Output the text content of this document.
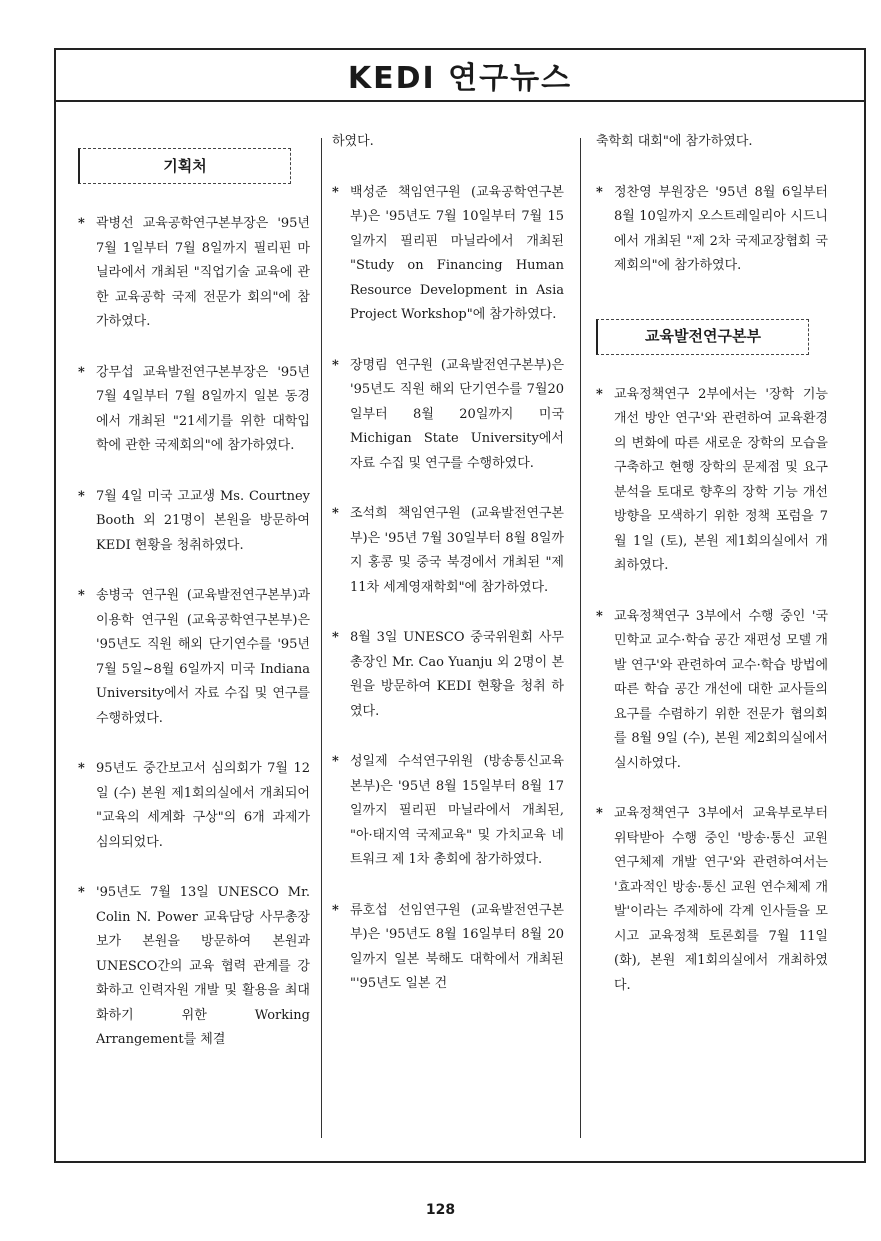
KEDI 연구뉴스
기획처

* 곽병선 교육공학연구본부장은 '95년 7월 1일부터 7월 8일까지 필리핀 마닐라에서 개최된 "직업기술 교육에 관한 교육공학 국제 전문가 회의"에 참가하였다.

* 강무섭 교육발전연구본부장은 '95년 7월 4일부터 7월 8일까지 일본 동경에서 개최된 "21세기를 위한 대학입학에 관한 국제회의"에 참가하였다.

* 7월 4일 미국 고교생 Ms. Courtney Booth 외 21명이 본원을 방문하여 KEDI 현황을 청취하였다.

* 송병국 연구원 (교육발전연구본부)과 이용학 연구원 (교육공학연구본부)은 '95년도 직원 해외 단기연수를 '95년 7월 5일~8월 6일까지 미국 Indiana University에서 자료 수집 및 연구를 수행하였다.

* 95년도 중간보고서 심의회가 7월 12일 (수) 본원 제1회의실에서 개최되어 "교육의 세계화 구상"의 6개 과제가 심의되었다.

* '95년도 7월 13일 UNESCO Mr. Colin N. Power 교육담당 사무총장보가 본원을 방문하여 본원과 UNESCO간의 교육 협력 관계를 강화하고 인력자원 개발 및 활용을 최대화하기 위한 Working Arrangement를 체결

하였다.

* 백성준 책임연구원 (교육공학연구본부)은 '95년도 7월 10일부터 7월 15일까지 필리핀 마닐라에서 개최된 "Study on Financing Human Resource Development in Asia Project Workshop"에 참가하였다.

* 장명림 연구원 (교육발전연구본부)은 '95년도 직원 해외 단기연수를 7월20일부터 8월 20일까지 미국 Michigan State University에서 자료 수집 및 연구를 수행하였다.

* 조석희 책임연구원 (교육발전연구본부)은 '95년 7월 30일부터 8월 8일까지 홍콩 및 중국 북경에서 개최된 "제 11차 세계영재학회"에 참가하였다.

* 8월 3일 UNESCO 중국위원회 사무총장인 Mr. Cao Yuanju 외 2명이 본원을 방문하여 KEDI 현황을 청취 하였다.

* 성일제 수석연구위원 (방송통신교육본부)은 '95년 8월 15일부터 8월 17일까지 필리핀 마닐라에서 개최된, "아·태지역 국제교육" 및 가치교육 네트워크 제 1차 총회에 참가하였다.

* 류호섭 선임연구원 (교육발전연구본부)은 '95년도 8월 16일부터 8월 20일까지 일본 북해도 대학에서 개최된 "'95년도 일본 건

축학회 대회"에 참가하였다.

* 정찬영 부원장은 '95년 8월 6일부터 8월 10일까지 오스트레일리아 시드니에서 개최된 "제 2차 국제교장협회 국제회의"에 참가하였다.

교육발전연구본부

* 교육정책연구 2부에서는 '장학 기능 개선 방안 연구'와 관련하여 교육환경의 변화에 따른 새로운 장학의 모습을 구축하고 현행 장학의 문제점 및 요구 분석을 토대로 향후의 장학 기능 개선 방향을 모색하기 위한 정책 포럼을 7월 1일 (토), 본원 제1회의실에서 개최하였다.

* 교육정책연구 3부에서 수행 중인 '국민학교 교수·학습 공간 재편성 모델 개발 연구'와 관련하여 교수·학습 방법에 따른 학습 공간 개선에 대한 교사들의 요구를 수렴하기 위한 전문가 협의회를 8월 9일 (수), 본원 제2회의실에서 실시하였다.

* 교육정책연구 3부에서 교육부로부터 위탁받아 수행 중인 '방송·통신 교원 연구체제 개발 연구'와 관련하여서는 '효과적인 방송·통신 교원 연수체제 개발'이라는 주제하에 각계 인사들을 모시고 교육정책 토론회를 7월 11일 (화), 본원 제1회의실에서 개최하였다.

128
